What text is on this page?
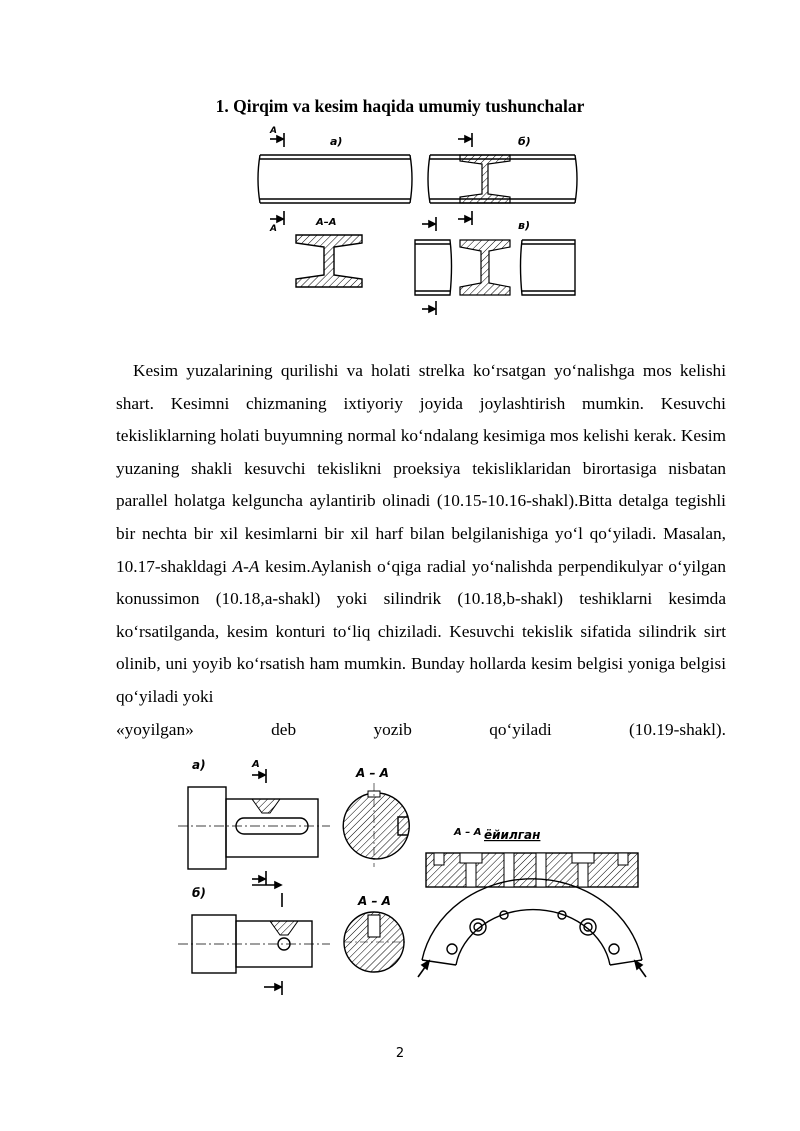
1. Qirqim va kesim haqida umumiy tushunchalar
A
a)
A
A–A
б)
в)

Kesim yuzalarining qurilishi va holati strelka ko‘rsatgan yo‘nalishga mos kelishi shart. Kesimni chizmaning ixtiyoriy joyida joylashtirish mumkin. Kesuvchi tekisliklarning holati buyumning normal ko‘ndalang kesimiga mos kelishi kerak. Kesim yuzaning shakli kesuvchi tekislikni proeksiya tekisliklaridan birortasiga nisbatan parallel holatga kelguncha aylantirib olinadi (10.15-10.16-shakl).Bitta detalga tegishli bir nechta bir xil kesimlarni bir xil harf bilan belgilanishiga yo‘l qo‘yiladi. Masalan, 10.17-shakldagi A-A kesim.Aylanish o‘qiga radial yo‘nalishda perpendikulyar o‘yilgan konussimon (10.18,a-shakl) yoki silindrik (10.18,b-shakl) teshiklarni kesimda ko‘rsatilganda, kesim konturi to‘liq chiziladi. Kesuvchi tekislik sifatida silindrik sirt olinib, uni yoyib ko‘rsatish ham mumkin. Bunday hollarda kesim belgisi yoniga belgisi qo‘yiladi yoki

«yoyilgan»	deb	yozib	qo‘yiladi	(10.19-shakl).
a)
б)
A
A – A
A – A
A – A ёйилган
2
